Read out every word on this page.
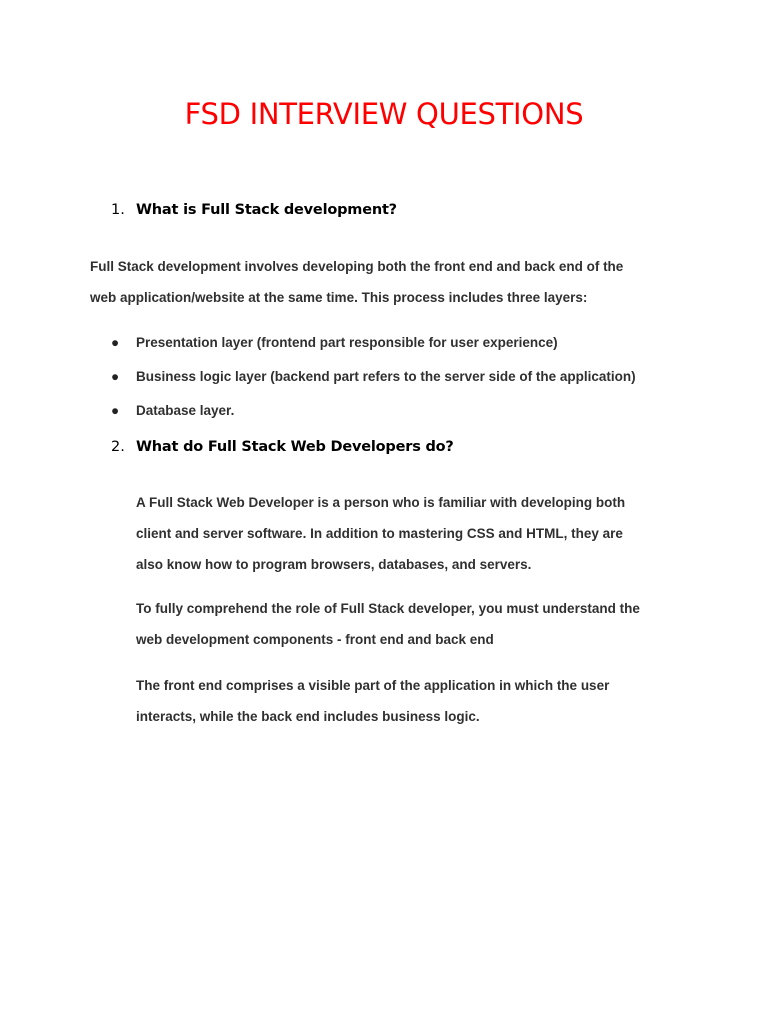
FSD INTERVIEW QUESTIONS
1. What is Full Stack development?

Full Stack development involves developing both the front end and back end of the
web application/website at the same time. This process includes three layers:

● Presentation layer (frontend part responsible for user experience)
● Business logic layer (backend part refers to the server side of the application)
● Database layer.
2. What do Full Stack Web Developers do?

A Full Stack Web Developer is a person who is familiar with developing both
client and server software. In addition to mastering CSS and HTML, they are
also know how to program browsers, databases, and servers.

To fully comprehend the role of Full Stack developer, you must understand the
web development components - front end and back end

The front end comprises a visible part of the application in which the user
interacts, while the back end includes business logic.
